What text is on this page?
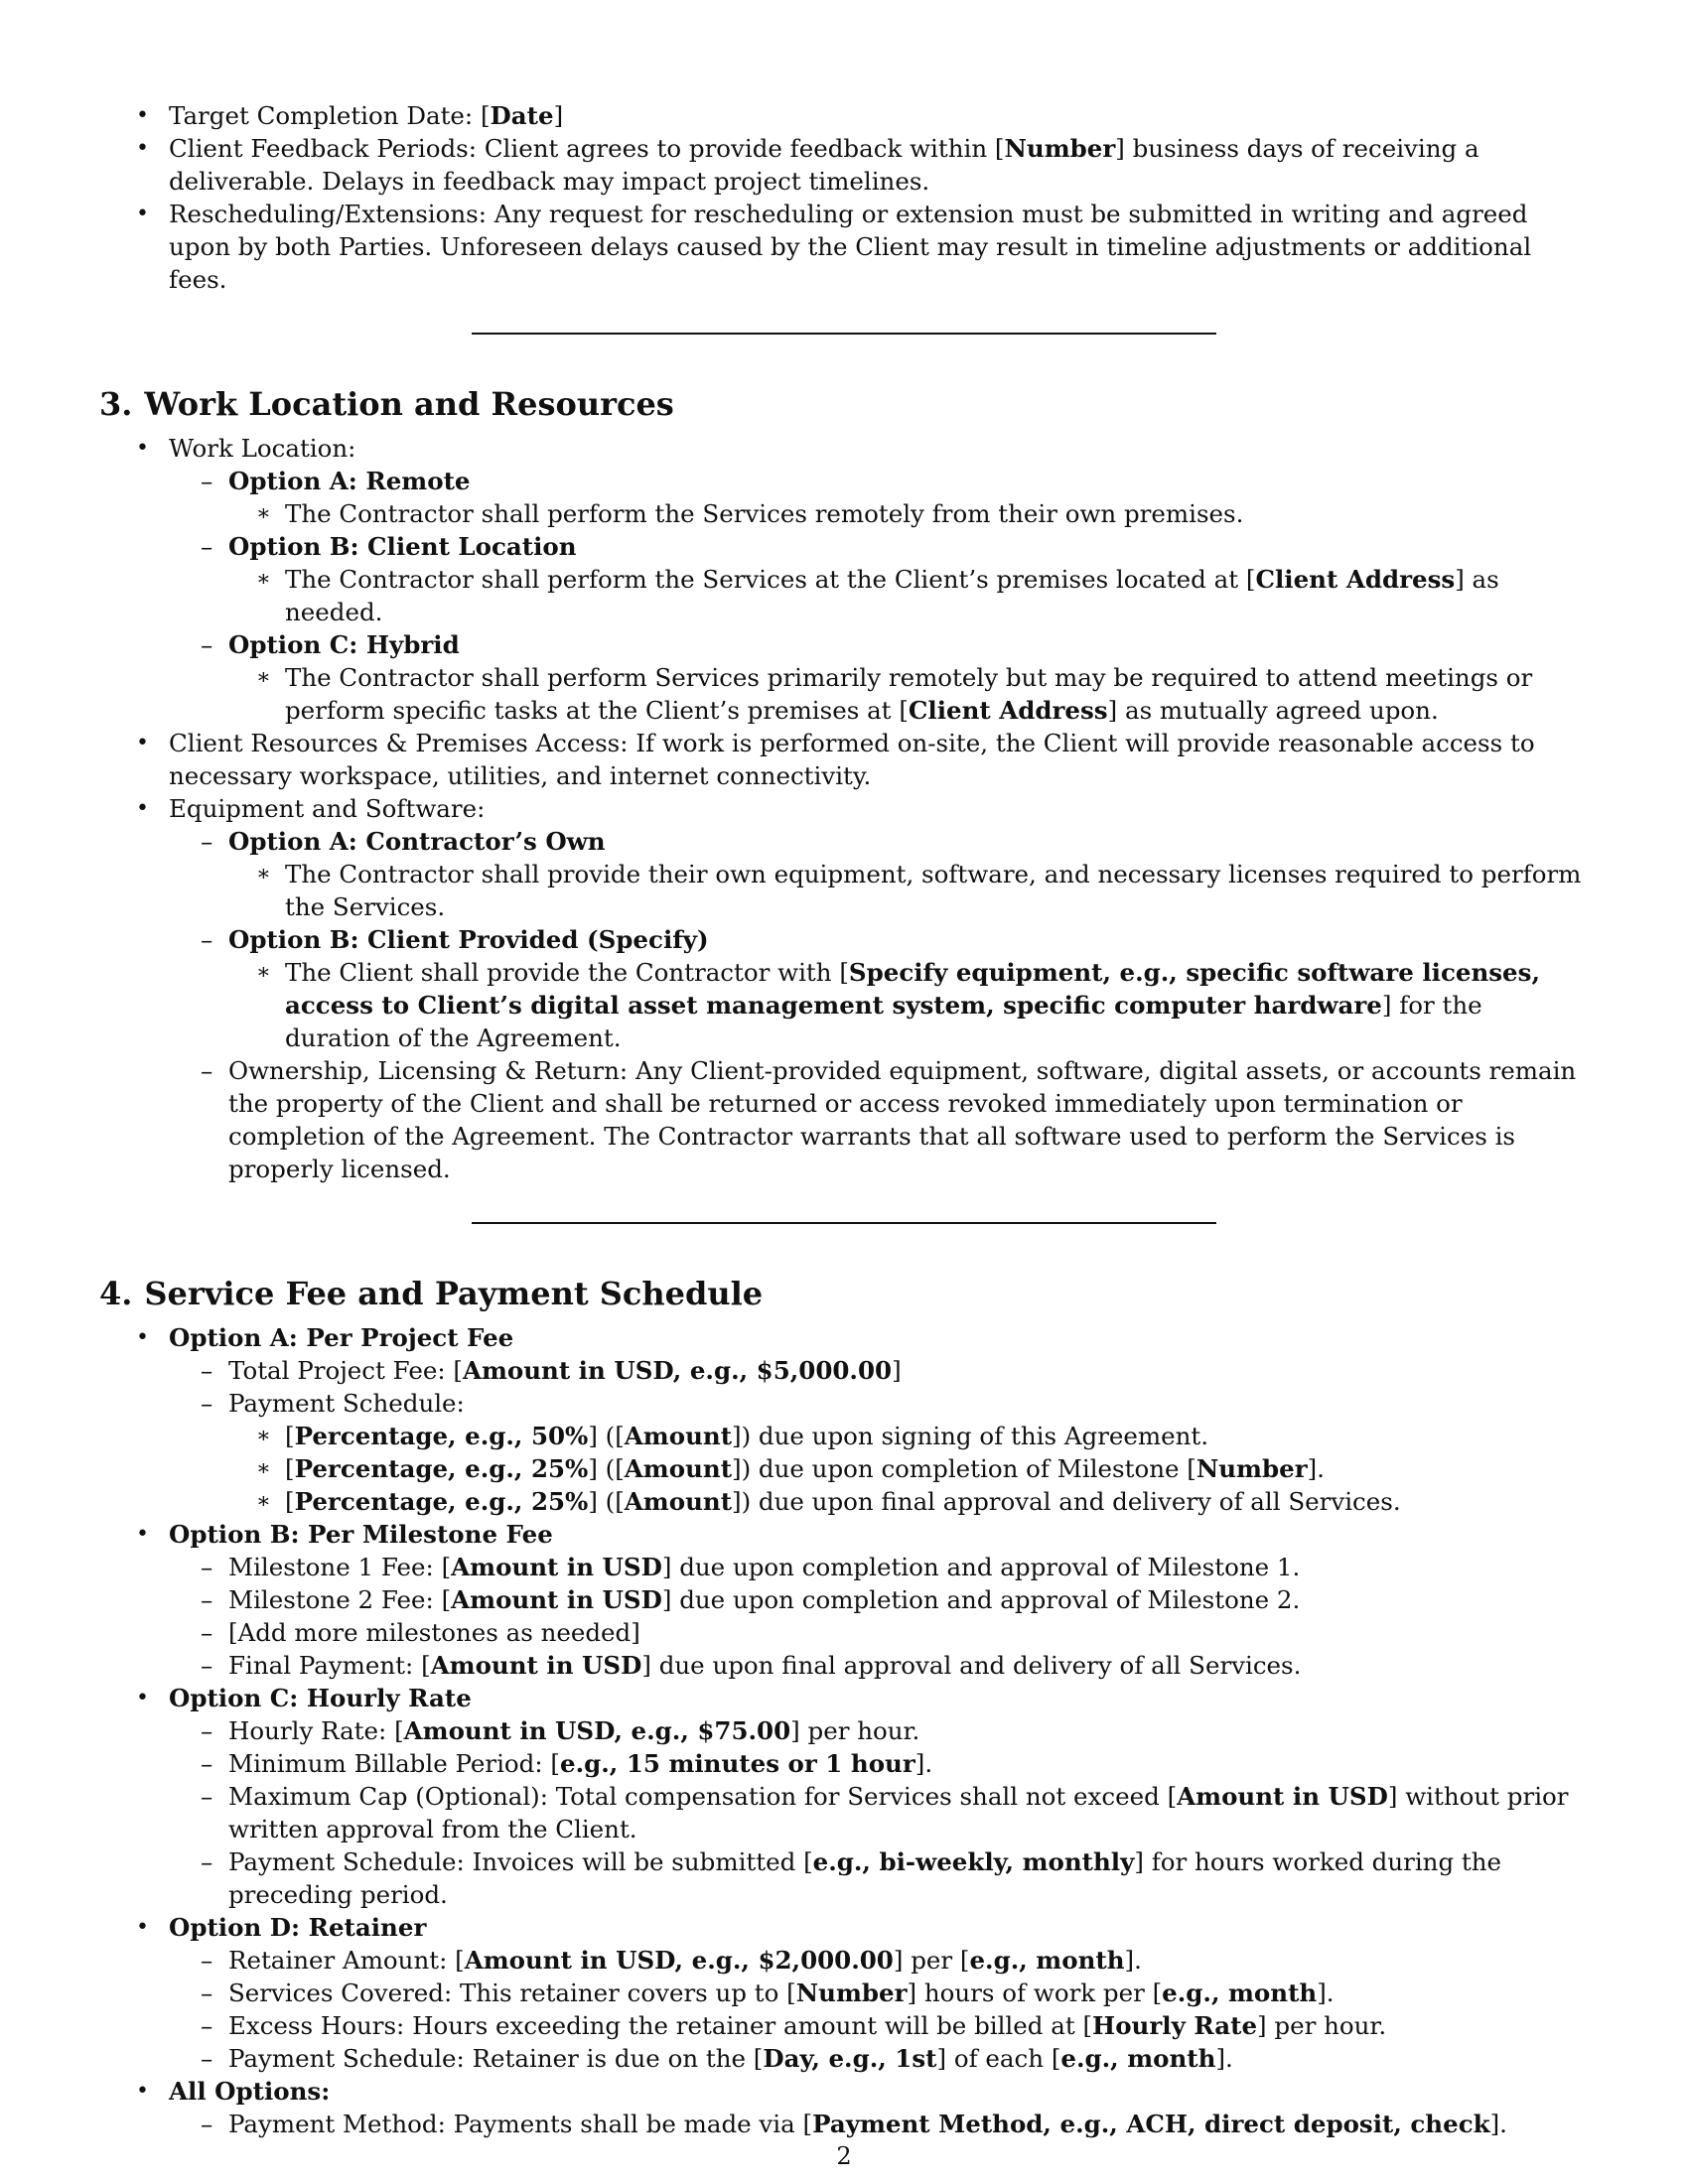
• Target Completion Date: [Date]
• Client Feedback Periods: Client agrees to provide feedback within [Number] business days of receiving a deliverable. Delays in feedback may impact project timelines.
• Rescheduling/Extensions: Any request for rescheduling or extension must be submitted in writing and agreed upon by both Parties. Unforeseen delays caused by the Client may result in timeline adjustments or additional fees.
3. Work Location and Resources
• Work Location:
– Option A: Remote
∗ The Contractor shall perform the Services remotely from their own premises.
– Option B: Client Location
∗ The Contractor shall perform the Services at the Client’s premises located at [Client Address] as needed.
– Option C: Hybrid
∗ The Contractor shall perform Services primarily remotely but may be required to attend meetings or perform specific tasks at the Client’s premises at [Client Address] as mutually agreed upon.
• Client Resources & Premises Access: If work is performed on-site, the Client will provide reasonable access to necessary workspace, utilities, and internet connectivity.
• Equipment and Software:
– Option A: Contractor’s Own
∗ The Contractor shall provide their own equipment, software, and necessary licenses required to perform the Services.
– Option B: Client Provided (Specify)
∗ The Client shall provide the Contractor with [Specify equipment, e.g., specific software licenses, access to Client’s digital asset management system, specific computer hardware] for the duration of the Agreement.
– Ownership, Licensing & Return: Any Client-provided equipment, software, digital assets, or accounts remain the property of the Client and shall be returned or access revoked immediately upon termination or completion of the Agreement. The Contractor warrants that all software used to perform the Services is properly licensed.
4. Service Fee and Payment Schedule
• Option A: Per Project Fee
– Total Project Fee: [Amount in USD, e.g., $5,000.00]
– Payment Schedule:
∗ [Percentage, e.g., 50%] ([Amount]) due upon signing of this Agreement.
∗ [Percentage, e.g., 25%] ([Amount]) due upon completion of Milestone [Number].
∗ [Percentage, e.g., 25%] ([Amount]) due upon final approval and delivery of all Services.
• Option B: Per Milestone Fee
– Milestone 1 Fee: [Amount in USD] due upon completion and approval of Milestone 1.
– Milestone 2 Fee: [Amount in USD] due upon completion and approval of Milestone 2.
– [Add more milestones as needed]
– Final Payment: [Amount in USD] due upon final approval and delivery of all Services.
• Option C: Hourly Rate
– Hourly Rate: [Amount in USD, e.g., $75.00] per hour.
– Minimum Billable Period: [e.g., 15 minutes or 1 hour].
– Maximum Cap (Optional): Total compensation for Services shall not exceed [Amount in USD] without prior written approval from the Client.
– Payment Schedule: Invoices will be submitted [e.g., bi-weekly, monthly] for hours worked during the preceding period.
• Option D: Retainer
– Retainer Amount: [Amount in USD, e.g., $2,000.00] per [e.g., month].
– Services Covered: This retainer covers up to [Number] hours of work per [e.g., month].
– Excess Hours: Hours exceeding the retainer amount will be billed at [Hourly Rate] per hour.
– Payment Schedule: Retainer is due on the [Day, e.g., 1st] of each [e.g., month].
• All Options:
– Payment Method: Payments shall be made via [Payment Method, e.g., ACH, direct deposit, check].
2
